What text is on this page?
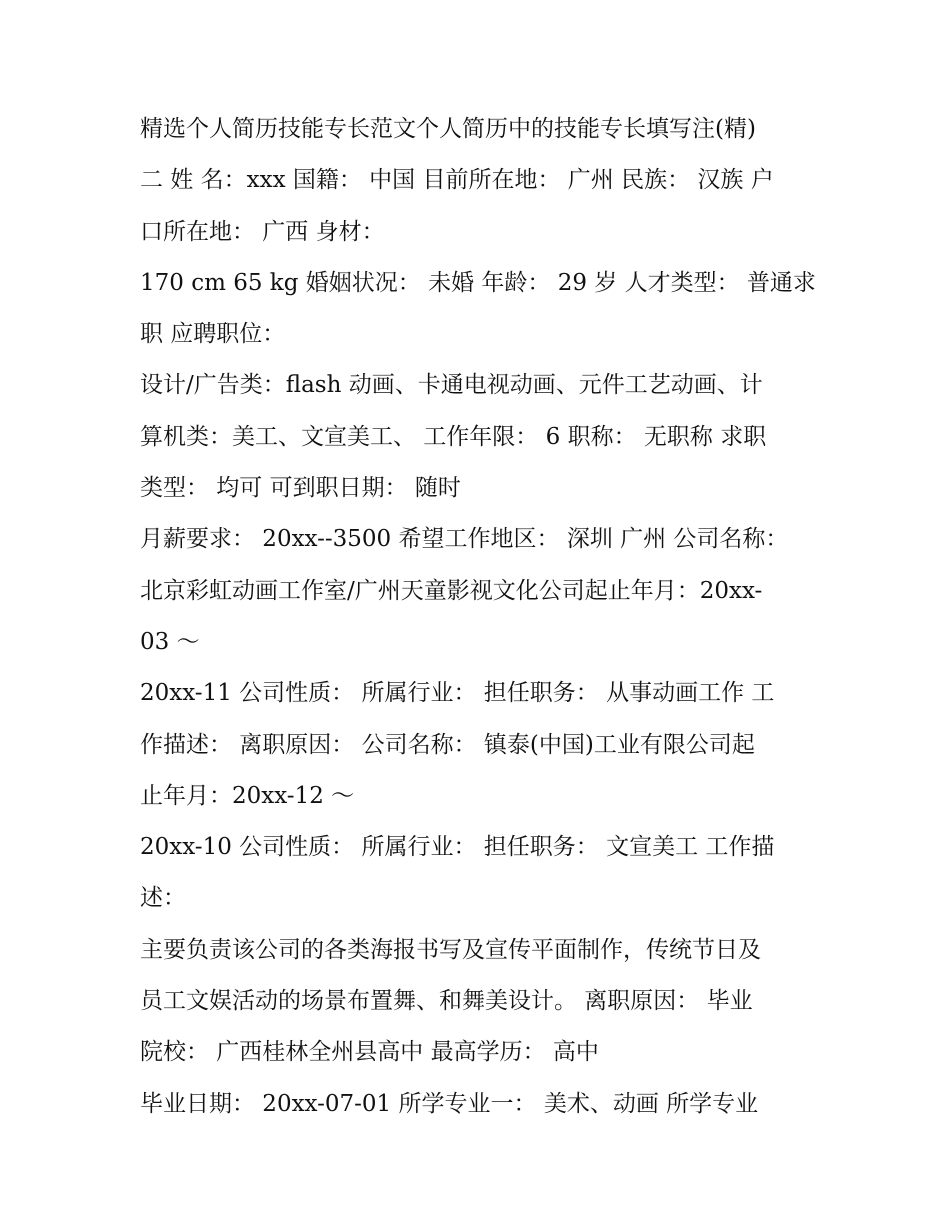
精选个人简历技能专长范文个人简历中的技能专长填写注(精)
二 姓 名：xxx 国籍： 中国 目前所在地： 广州 民族： 汉族 户
口所在地： 广西 身材：
170 cm 65 kg 婚姻状况： 未婚 年龄： 29 岁 人才类型： 普通求
职 应聘职位：
设计/广告类：flash 动画、卡通电视动画、元件工艺动画、计
算机类：美工、文宣美工、 工作年限： 6 职称： 无职称 求职
类型： 均可 可到职日期： 随时
月薪要求： 20xx--3500 希望工作地区： 深圳 广州 公司名称：
北京彩虹动画工作室/广州天童影视文化公司起止年月：20xx-
03 ～
20xx-11 公司性质： 所属行业： 担任职务： 从事动画工作 工
作描述： 离职原因： 公司名称： 镇泰(中国)工业有限公司起
止年月：20xx-12 ～
20xx-10 公司性质： 所属行业： 担任职务： 文宣美工 工作描
述：
主要负责该公司的各类海报书写及宣传平面制作，传统节日及
员工文娱活动的场景布置舞、和舞美设计。 离职原因： 毕业
院校： 广西桂林全州县高中 最高学历： 高中
毕业日期： 20xx-07-01 所学专业一： 美术、动画 所学专业
